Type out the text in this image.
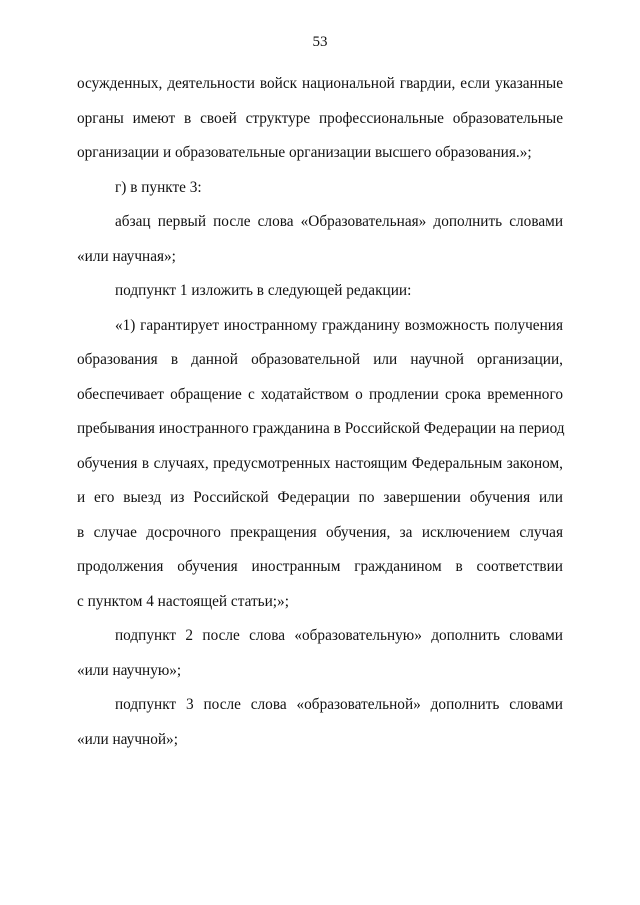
53
осужденных, деятельности войск национальной гвардии, если указанные
органы имеют в своей структуре профессиональные образовательные
организации и образовательные организации высшего образования.»;
г) в пункте 3:
абзац первый после слова «Образовательная» дополнить словами
«или научная»;
подпункт 1 изложить в следующей редакции:
«1) гарантирует иностранному гражданину возможность получения
образования в данной образовательной или научной организации,
обеспечивает обращение с ходатайством о продлении срока временного
пребывания иностранного гражданина в Российской Федерации на период
обучения в случаях, предусмотренных настоящим Федеральным законом,
и его выезд из Российской Федерации по завершении обучения или
в случае досрочного прекращения обучения, за исключением случая
продолжения обучения иностранным гражданином в соответствии
с пунктом 4 настоящей статьи;»;
подпункт 2 после слова «образовательную» дополнить словами
«или научную»;
подпункт 3 после слова «образовательной» дополнить словами
«или научной»;
